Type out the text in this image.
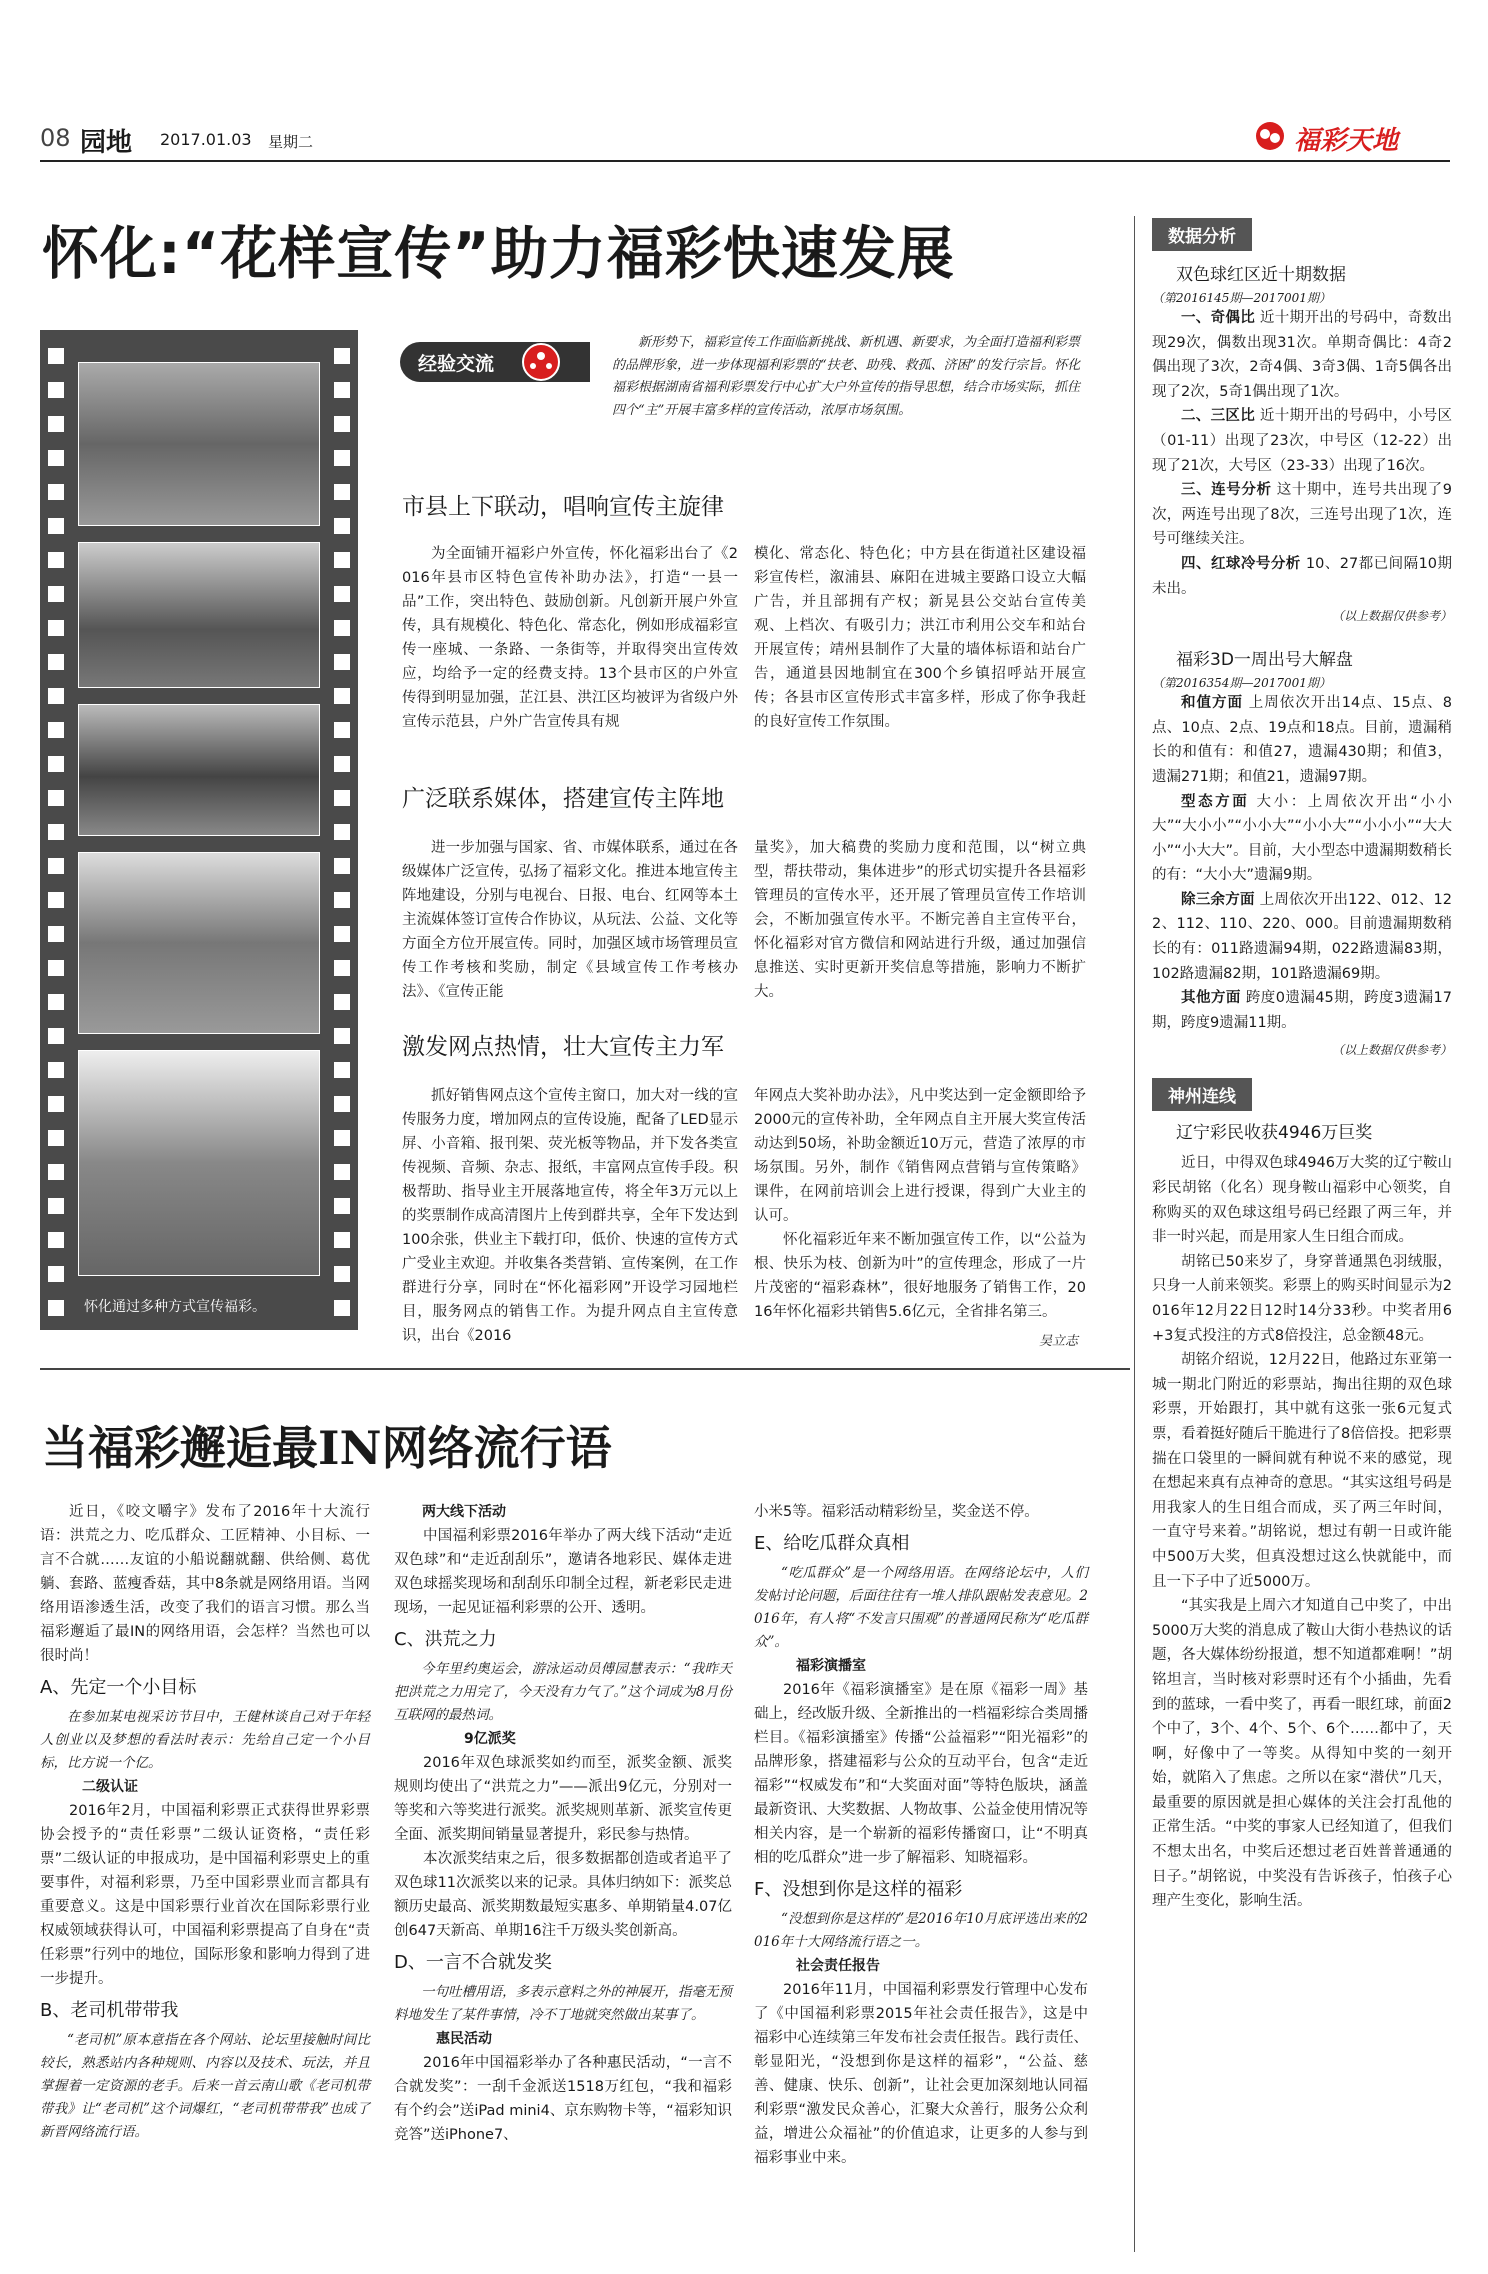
08 园地 2017.01.03 星期二	福彩天地
怀化:“花样宣传”助力福彩快速发展
怀化通过多种方式宣传福彩。
经验交流
新形势下，福彩宣传工作面临新挑战、新机遇、新要求，为全面打造福利彩票的品牌形象，进一步体现福利彩票的“扶老、助残、救孤、济困”的发行宗旨。怀化福彩根据湖南省福利彩票发行中心扩大户外宣传的指导思想，结合市场实际，抓住四个“主”开展丰富多样的宣传活动，浓厚市场氛围。
市县上下联动，唱响宣传主旋律

为全面铺开福彩户外宣传，怀化福彩出台了《2016年县市区特色宣传补助办法》，打造“一县一品”工作，突出特色、鼓励创新。凡创新开展户外宣传，具有规模化、特色化、常态化，例如形成福彩宣传一座城、一条路、一条街等，并取得突出宣传效应，均给予一定的经费支持。13个县市区的户外宣传得到明显加强，芷江县、洪江区均被评为省级户外宣传示范县，户外广告宣传具有规

模化、常态化、特色化；中方县在街道社区建设福彩宣传栏，溆浦县、麻阳在进城主要路口设立大幅广告，并且部拥有产权；新晃县公交站台宣传美观、上档次、有吸引力；洪江市利用公交车和站台开展宣传；靖州县制作了大量的墙体标语和站台广告，通道县因地制宜在300个乡镇招呼站开展宣传；各县市区宣传形式丰富多样，形成了你争我赶的良好宣传工作氛围。

广泛联系媒体，搭建宣传主阵地

进一步加强与国家、省、市媒体联系，通过在各级媒体广泛宣传，弘扬了福彩文化。推进本地宣传主阵地建设，分别与电视台、日报、电台、红网等本土主流媒体签订宣传合作协议，从玩法、公益、文化等方面全方位开展宣传。同时，加强区域市场管理员宣传工作考核和奖励，制定《县域宣传工作考核办法》、《宣传正能

量奖》，加大稿费的奖励力度和范围，以“树立典型，帮扶带动，集体进步”的形式切实提升各县福彩管理员的宣传水平，还开展了管理员宣传工作培训会，不断加强宣传水平。不断完善自主宣传平台，怀化福彩对官方微信和网站进行升级，通过加强信息推送、实时更新开奖信息等措施，影响力不断扩大。

激发网点热情，壮大宣传主力军

抓好销售网点这个宣传主窗口，加大对一线的宣传服务力度，增加网点的宣传设施，配备了LED显示屏、小音箱、报刊架、荧光板等物品，并下发各类宣传视频、音频、杂志、报纸，丰富网点宣传手段。积极帮助、指导业主开展落地宣传，将全年3万元以上的奖票制作成高清图片上传到群共享，全年下发达到100余张，供业主下载打印，低价、快速的宣传方式广受业主欢迎。并收集各类营销、宣传案例，在工作群进行分享，同时在“怀化福彩网”开设学习园地栏目，服务网点的销售工作。为提升网点自主宣传意识，出台《2016

年网点大奖补助办法》，凡中奖达到一定金额即给予2000元的宣传补助，全年网点自主开展大奖宣传活动达到50场，补助金额近10万元，营造了浓厚的市场氛围。另外，制作《销售网点营销与宣传策略》课件，在网前培训会上进行授课，得到广大业主的认可。

怀化福彩近年来不断加强宣传工作，以“公益为根、快乐为枝、创新为叶”的宣传理念，形成了一片片茂密的“福彩森林”，很好地服务了销售工作，2016年怀化福彩共销售5.6亿元，全省排名第三。

吴立志
当福彩邂逅最IN网络流行语

近日，《咬文嚼字》发布了2016年十大流行语：洪荒之力、吃瓜群众、工匠精神、小目标、一言不合就……友谊的小船说翻就翻、供给侧、葛优躺、套路、蓝瘦香菇，其中8条就是网络用语。当网络用语渗透生活，改变了我们的语言习惯。那么当福彩邂逅了最IN的网络用语，会怎样？当然也可以很时尚！

A、先定一个小目标

在参加某电视采访节目中，王健林谈自己对于年轻人创业以及梦想的看法时表示：先给自己定一个小目标，比方说一个亿。

二级认证

2016年2月，中国福利彩票正式获得世界彩票协会授予的“责任彩票”二级认证资格，“责任彩票”二级认证的申报成功，是中国福利彩票史上的重要事件，对福利彩票，乃至中国彩票业而言都具有重要意义。这是中国彩票行业首次在国际彩票行业权威领域获得认可，中国福利彩票提高了自身在“责任彩票”行列中的地位，国际形象和影响力得到了进一步提升。

B、老司机带带我

“老司机”原本意指在各个网站、论坛里接触时间比较长，熟悉站内各种规则、内容以及技术、玩法，并且掌握着一定资源的老手。后来一首云南山歌《老司机带带我》让“老司机”这个词爆红，“老司机带带我”也成了新晋网络流行语。

两大线下活动

中国福利彩票2016年举办了两大线下活动“走近双色球”和“走近刮刮乐”，邀请各地彩民、媒体走进双色球摇奖现场和刮刮乐印制全过程，新老彩民走进现场，一起见证福利彩票的公开、透明。

C、洪荒之力

今年里约奥运会，游泳运动员傅园慧表示：“我昨天把洪荒之力用完了，今天没有力气了。”这个词成为8月份互联网的最热词。

9亿派奖

2016年双色球派奖如约而至，派奖金额、派奖规则均使出了“洪荒之力”——派出9亿元，分别对一等奖和六等奖进行派奖。派奖规则革新、派奖宣传更全面、派奖期间销量显著提升，彩民参与热情。

本次派奖结束之后，很多数据都创造或者追平了双色球11次派奖以来的记录。具体归纳如下：派奖总额历史最高、派奖期数最短实惠多、单期销量4.07亿创647天新高、单期16注千万级头奖创新高。

D、一言不合就发奖

一句吐槽用语，多表示意料之外的神展开，指毫无预料地发生了某件事情，冷不丁地就突然做出某事了。

惠民活动

2016年中国福彩举办了各种惠民活动，“一言不合就发奖”：一刮千金派送1518万红包，“我和福彩有个约会”送iPad mini4、京东购物卡等，“福彩知识竞答”送iPhone7、

小米5等。福彩活动精彩纷呈，奖金送不停。

E、给吃瓜群众真相

“吃瓜群众”是一个网络用语。在网络论坛中，人们发帖讨论问题，后面往往有一堆人排队跟帖发表意见。2016年，有人将“不发言只围观”的普通网民称为“吃瓜群众”。

福彩演播室

2016年《福彩演播室》是在原《福彩一周》基础上，经改版升级、全新推出的一档福彩综合类周播栏目。《福彩演播室》传播“公益福彩”“阳光福彩”的品牌形象，搭建福彩与公众的互动平台，包含“走近福彩”“权威发布”和“大奖面对面”等特色版块，涵盖最新资讯、大奖数据、人物故事、公益金使用情况等相关内容，是一个崭新的福彩传播窗口，让“不明真相的吃瓜群众”进一步了解福彩、知晓福彩。

F、没想到你是这样的福彩

“没想到你是这样的”是2016年10月底评选出来的2016年十大网络流行语之一。

社会责任报告

2016年11月，中国福利彩票发行管理中心发布了《中国福利彩票2015年社会责任报告》，这是中福彩中心连续第三年发布社会责任报告。践行责任、彰显阳光，“没想到你是这样的福彩”，“公益、慈善、健康、快乐、创新”，让社会更加深刻地认同福利彩票“激发民众善心，汇聚大众善行，服务公众利益，增进公众福祉”的价值追求，让更多的人参与到福彩事业中来。

数据分析
双色球红区近十期数据
（第2016145期—2017001期）
一、奇偶比 近十期开出的号码中，奇数出现29次，偶数出现31次。单期奇偶比：4奇2偶出现了3次，2奇4偶、3奇3偶、1奇5偶各出现了2次，5奇1偶出现了1次。
二、三区比 近十期开出的号码中，小号区（01-11）出现了23次，中号区（12-22）出现了21次，大号区（23-33）出现了16次。
三、连号分析 这十期中，连号共出现了9次，两连号出现了8次，三连号出现了1次，连号可继续关注。
四、红球冷号分析 10、27都已间隔10期未出。
（以上数据仅供参考）
福彩3D一周出号大解盘
（第2016354期—2017001期）
和值方面 上周依次开出14点、15点、8点、10点、2点、19点和18点。目前，遗漏稍长的和值有：和值27，遗漏430期；和值3，遗漏271期；和值21，遗漏97期。
型态方面 大小：上周依次开出“小小大”“大小小”“小小大”“小小大”“小小小”“大大小”“小大大”。目前，大小型态中遗漏期数稍长的有：“大小大”遗漏9期。
除三余方面 上周依次开出122、012、122、112、110、220、000。目前遗漏期数稍长的有：011路遗漏94期，022路遗漏83期，102路遗漏82期，101路遗漏69期。
其他方面 跨度0遗漏45期，跨度3遗漏17期，跨度9遗漏11期。
（以上数据仅供参考）
神州连线
辽宁彩民收获4946万巨奖
近日，中得双色球4946万大奖的辽宁鞍山彩民胡铭（化名）现身鞍山福彩中心领奖，自称购买的双色球这组号码已经跟了两三年，并非一时兴起，而是用家人生日组合而成。
胡铭已50来岁了，身穿普通黑色羽绒服，只身一人前来领奖。彩票上的购买时间显示为2016年12月22日12时14分33秒。中奖者用6+3复式投注的方式8倍投注，总金额48元。
胡铭介绍说，12月22日，他路过东亚第一城一期北门附近的彩票站，掏出往期的双色球彩票，开始跟打，其中就有这张一张6元复式票，看着挺好随后干脆进行了8倍倍投。把彩票揣在口袋里的一瞬间就有种说不来的感觉，现在想起来真有点神奇的意思。“其实这组号码是用我家人的生日组合而成，买了两三年时间，一直守号来着。”胡铭说，想过有朝一日或许能中500万大奖，但真没想过这么快就能中，而且一下子中了近5000万。
“其实我是上周六才知道自己中奖了，中出5000万大奖的消息成了鞍山大街小巷热议的话题，各大媒体纷纷报道，想不知道都难啊！”胡铭坦言，当时核对彩票时还有个小插曲，先看到的蓝球，一看中奖了，再看一眼红球，前面2个中了，3个、4个、5个、6个……都中了，天啊，好像中了一等奖。从得知中奖的一刻开始，就陷入了焦虑。之所以在家“潜伏”几天，最重要的原因就是担心媒体的关注会打乱他的正常生活。“中奖的事家人已经知道了，但我们不想太出名，中奖后还想过老百姓普普通通的日子。”胡铭说，中奖没有告诉孩子，怕孩子心理产生变化，影响生活。
